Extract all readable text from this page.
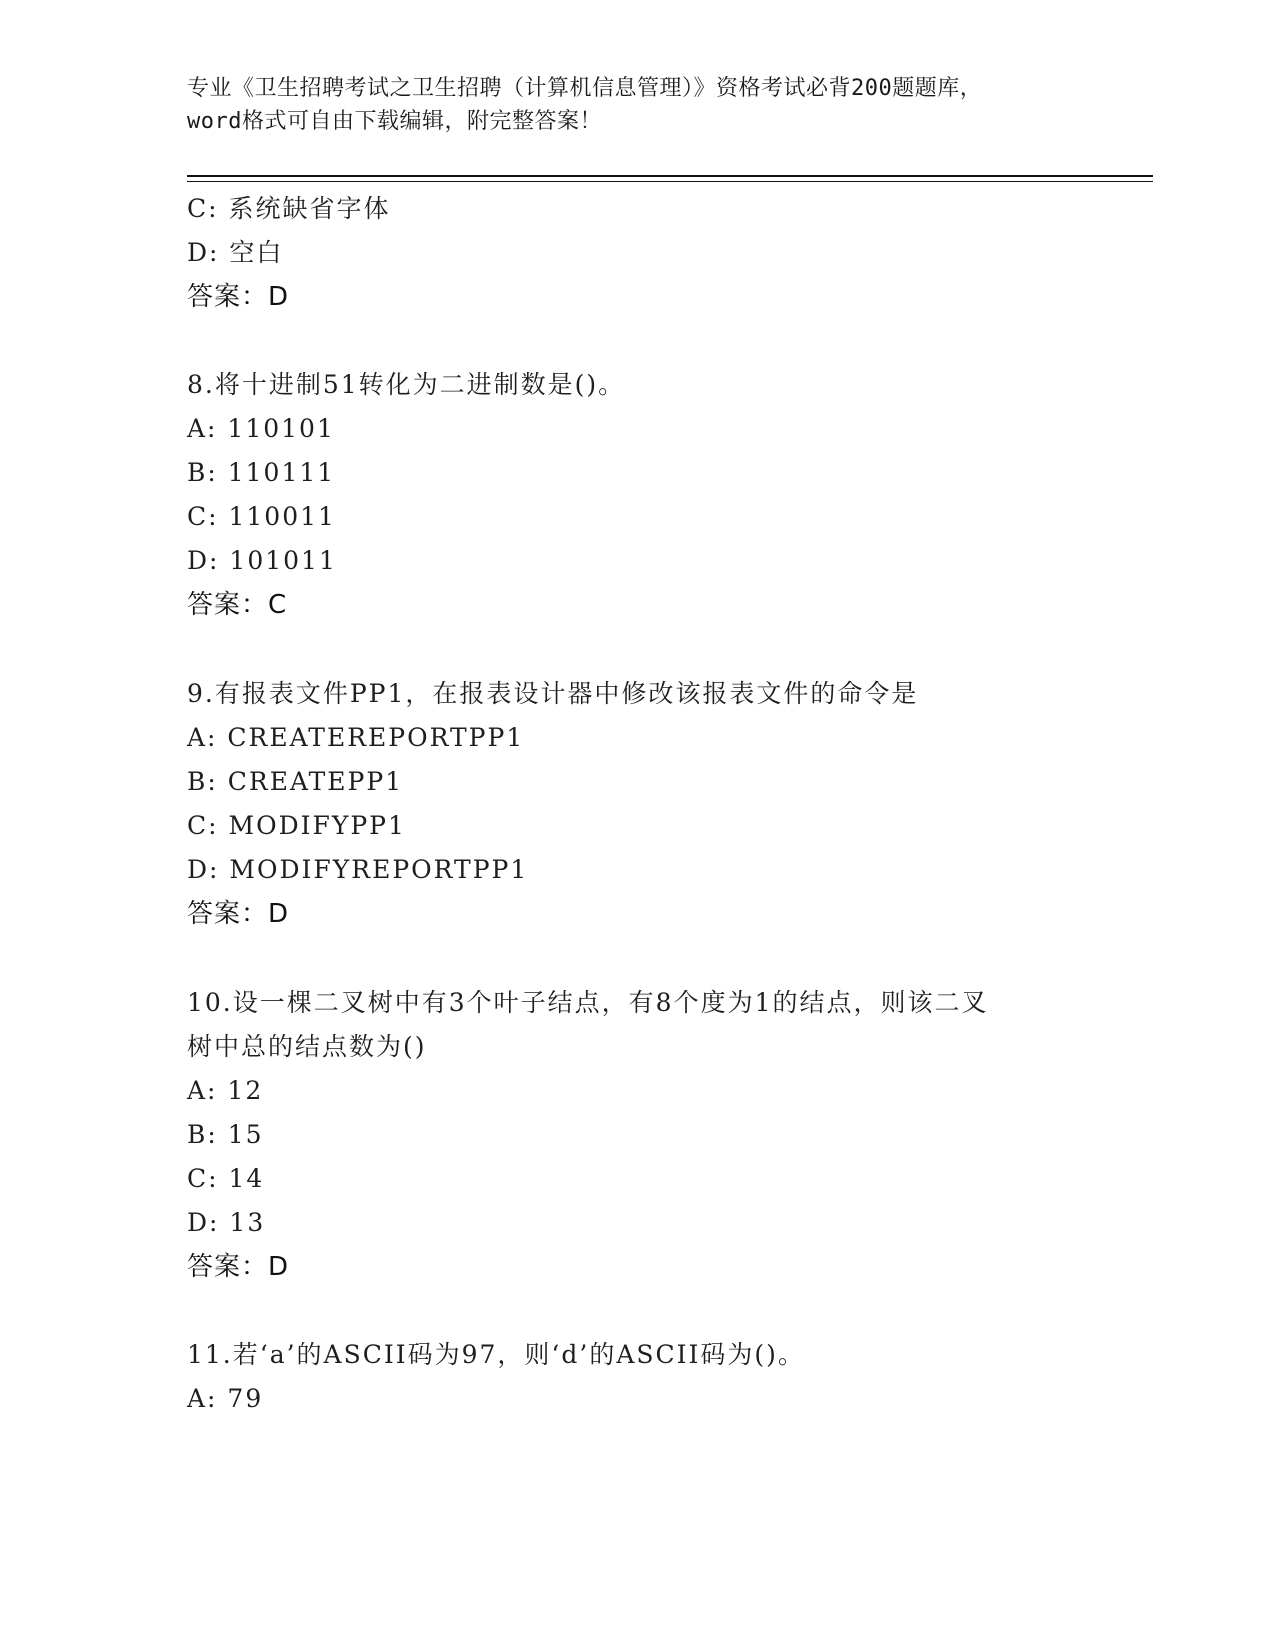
专业《卫生招聘考试之卫生招聘（计算机信息管理）》资格考试必背200题题库，
word格式可自由下载编辑，附完整答案！
C: 系统缺省字体
D: 空白
答案：D
8.将十进制51转化为二进制数是()。
A: 110101
B: 110111
C: 110011
D: 101011
答案：C
9.有报表文件PP1，在报表设计器中修改该报表文件的命令是
A: CREATEREPORTPP1
B: CREATEPP1
C: MODIFYPP1
D: MODIFYREPORTPP1
答案：D
10.设一棵二叉树中有3个叶子结点，有8个度为1的结点，则该二叉
树中总的结点数为()
A: 12
B: 15
C: 14
D: 13
答案：D
11.若‘a’的ASCII码为97，则‘d’的ASCII码为()。
A: 79
